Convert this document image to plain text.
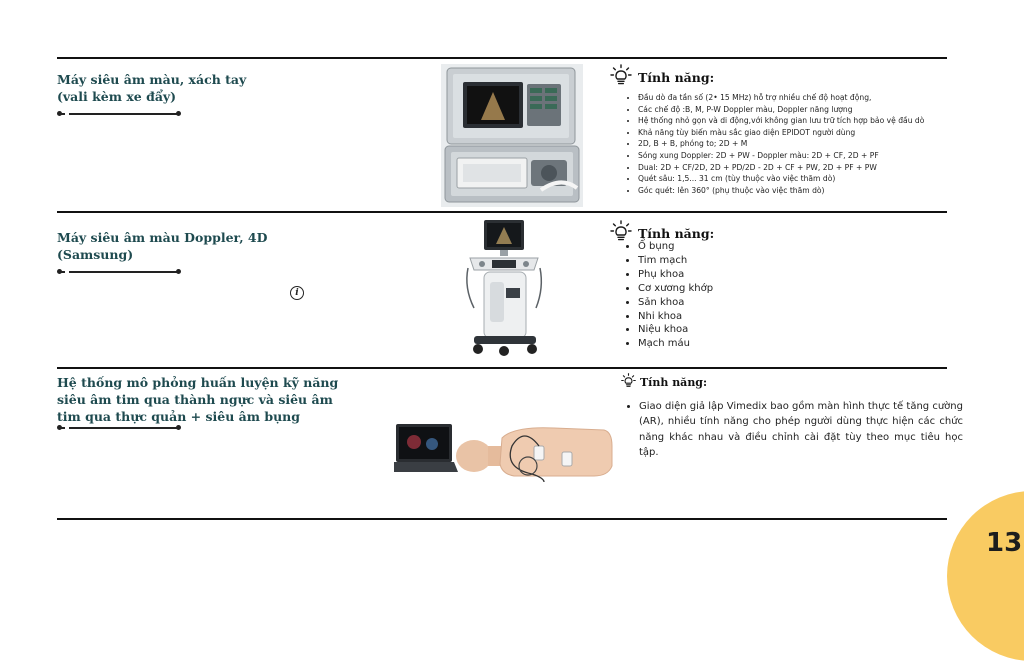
Máy siêu âm màu, xách tay (vali kèm xe đẩy)
Tính năng:
• Đầu dò đa tần số (2• 15 MHz) hỗ trợ nhiều chế độ hoạt động,
• Các chế độ :B, M, P-W Doppler màu, Doppler năng lượng
• Hệ thống nhỏ gọn và di động,với không gian lưu trữ tích hợp bảo vệ đầu dò
• Khả năng tùy biến màu sắc giao diện EPIDOT người dùng
• 2D, B + B, phóng to; 2D + M
• Sóng xung Doppler: 2D + PW - Doppler màu: 2D + CF, 2D + PF
• Dual: 2D + CF/2D, 2D + PD/2D - 2D + CF + PW, 2D + PF + PW
• Quét sâu: 1,5... 31 cm (tùy thuộc vào việc thăm dò)
• Góc quét: lên 360° (phụ thuộc vào việc thăm dò)
Máy siêu âm màu Doppler, 4D (Samsung)
i
Tính năng:
• Ổ bụng
• Tim mạch
• Phụ khoa
• Cơ xương khớp
• Sản khoa
• Nhi khoa
• Niệu khoa
• Mạch máu
Hệ thống mô phỏng huấn luyện kỹ năng siêu âm tim qua thành ngực và siêu âm tim qua thực quản + siêu âm bụng
Tính năng:
• Giao diện giả lập Vimedix bao gồm màn hình thực tế tăng cường (AR), nhiều tính năng cho phép người dùng thực hiện các chức năng khác nhau và điều chỉnh cài đặt tùy theo mục tiêu học tập.
13
